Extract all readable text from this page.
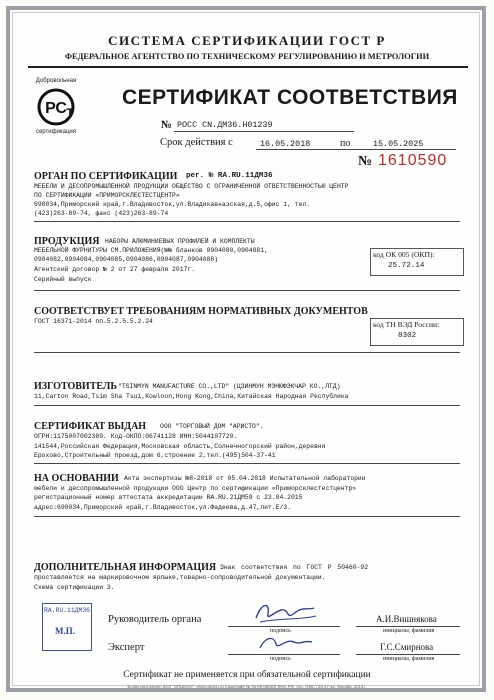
СИСТЕМА СЕРТИФИКАЦИИ ГОСТ Р
ФЕДЕРАЛЬНОЕ АГЕНТСТВО ПО ТЕХНИЧЕСКОМУ РЕГУЛИРОВАНИЮ И МЕТРОЛОГИИ
Добровольная
РС Т
сертификация
СЕРТИФИКАТ СООТВЕТСТВИЯ
№ РОСС CN.ДМ36.Н01239
Срок действия с	16.05.2018	по	15.05.2025
№ 1610590
ОРГАН ПО СЕРТИФИКАЦИИ рег. № RA.RU.11ДМ36
МЕБЕЛИ И ДЕСОПРОМЫШЛЕННОЙ ПРОДУКЦИИ ОБЩЕСТВО С ОГРАНИЧЕННОЙ ОТВЕТСТВЕННОСТЬЮ ЦЕНТР
ПО СЕРТИФИКАЦИИ «ПРИМОРСКЛЕСТЕСТЦЕНТР»
690034,Приморский край,г.Владивосток,ул.Владикавказская,д.5,офис 1, тел.
(423)263-89-74, факс (423)263-89-74
ПРОДУКЦИЯ НАБОРЫ АЛЮМИНИЕВЫХ ПРОФИЛЕЙ И КОМПЛЕКТЫ
МЕБЕЛЬНОЙ ФУРНИТУРЫ СМ.ПРИЛОЖЕНИЯ(№№ бланков 0904080,0904081,
0904082,0904084,0904085,0904086,0904087,0904088)
Агентский договор № 2 от 27 февраля 2017г.
Серийный выпуск
код ОК 005 (ОКП):
25.72.14
СООТВЕТСТВУЕТ ТРЕБОВАНИЯМ НОРМАТИВНЫХ ДОКУМЕНТОВ
ГОСТ 16371-2014 пп.5.2.5.5.2.24	код ТН ВЭД России:
8302
ИЗГОТОВИТЕЛЬ "TSINMYN MANUFACTURE CO.,LTD" (ЦЗИНМУН МЭНЮФЭКЧАР КО.,ЛТД)
11,Carton Road,Tsim Sha Tsui,Kowloon,Hong Kong,China,Китайская Народная Республика
СЕРТИФИКАТ ВЫДАН ООО "ТОРГОВЫЙ ДОМ "АРИСТО".
ОГРН:1175007002389. Код-ОКПО:06741128 ИНН:5044107720.
141544,Российская Федерация,Московская область,Солнечногорский район,деревня
Ерохово,Строительный проезд,дом 6,строение 2,тел.(495)504-37-41
НА ОСНОВАНИИ Акта экспертизы №8-2018 от 05.04.2018 Испытательной лаборатории
мебели и десопромышленной продукции ООО Центр по сертификации «Приморсклестестцентр»
регистрационный номер аттестата аккредитации RA.RU.21ДМ59 с 23.04.2015
адрес:690034,Приморский край,г.Владивосток,ул.Фадеева,д.47,лит.Е/3.
ДОПОЛНИТЕЛЬНАЯ ИНФОРМАЦИЯ Знак соответствия по ГОСТ Р 50460-92
проставляется на маркировочном ярлыке,товарно-сопроводительной документации.
Схема сертификации 3.
RA.RU.11ДМ36
М.П.
Руководитель органа
подпись
А.И.Вишнякова
инициалы, фамилия
Эксперт
подпись
Г.С.Смирнова
инициалы, фамилия
Сертификат не применяется при обязательной сертификации
Бланк изготовлен ЗАО "ОПЦИОН", www.opcion.ru (лицензия № 05-05-09/003 ФНС РФ, тел. (495) 726-47-42, Москва, 2014 г.
